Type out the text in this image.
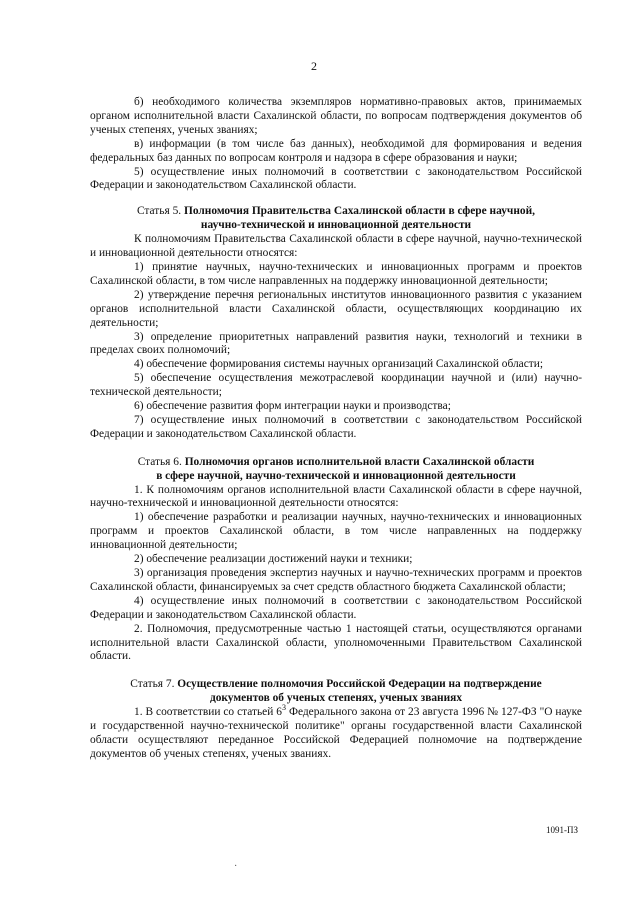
2

б) необходимого количества экземпляров нормативно-правовых актов, принимаемых органом исполнительной власти Сахалинской области, по вопросам подтверждения документов об ученых степенях, ученых званиях;

в) информации (в том числе баз данных), необходимой для формирования и ведения федеральных баз данных по вопросам контроля и надзора в сфере образования и науки;

5) осуществление иных полномочий в соответствии с законодательством Российской Федерации и законодательством Сахалинской области.

Статья 5. Полномочия Правительства Сахалинской области в сфере научной,
научно-технической и инновационной деятельности

К полномочиям Правительства Сахалинской области в сфере научной, научно-технической и инновационной деятельности относятся:

1) принятие научных, научно-технических и инновационных программ и проектов Сахалинской области, в том числе направленных на поддержку инновационной деятельности;

2) утверждение перечня региональных институтов инновационного развития с указанием органов исполнительной власти Сахалинской области, осуществляющих координацию их деятельности;

3) определение приоритетных направлений развития науки, технологий и техники в пределах своих полномочий;

4) обеспечение формирования системы научных организаций Сахалинской области;

5) обеспечение осуществления межотраслевой координации научной и (или) научно-технической деятельности;

6) обеспечение развития форм интеграции науки и производства;

7) осуществление иных полномочий в соответствии с законодательством Российской Федерации и законодательством Сахалинской области.

Статья 6. Полномочия органов исполнительной власти Сахалинской области
в сфере научной, научно-технической и инновационной деятельности

1. К полномочиям органов исполнительной власти Сахалинской области в сфере научной, научно-технической и инновационной деятельности относятся:

1) обеспечение разработки и реализации научных, научно-технических и инновационных программ и проектов Сахалинской области, в том числе направленных на поддержку инновационной деятельности;

2) обеспечение реализации достижений науки и техники;

3) организация проведения экспертиз научных и научно-технических программ и проектов Сахалинской области, финансируемых за счет средств областного бюджета Сахалинской области;

4) осуществление иных полномочий в соответствии с законодательством Российской Федерации и законодательством Сахалинской области.

2. Полномочия, предусмотренные частью 1 настоящей статьи, осуществляются органами исполнительной власти Сахалинской области, уполномоченными Правительством Сахалинской области.

Статья 7. Осуществление полномочия Российской Федерации на подтверждение
документов об ученых степенях, ученых званиях

1. В соответствии со статьей $6^3$ Федерального закона от 23 августа 1996 № 127-ФЗ "О науке и государственной научно-технической политике" органы государственной власти Сахалинской области осуществляют переданное Российской Федерацией полномочие на подтверждение документов об ученых степенях, ученых званиях.

1091-ПЗ
·
